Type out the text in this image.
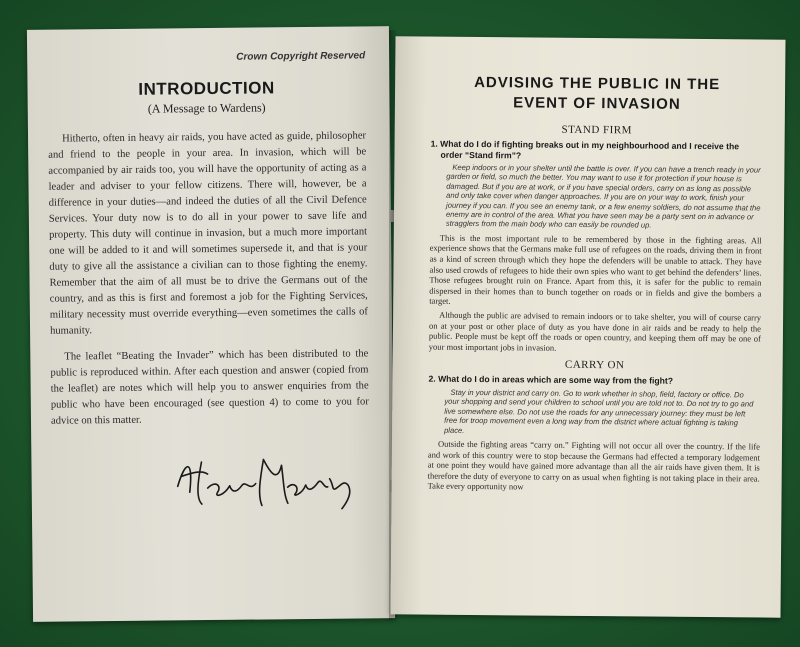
Crown Copyright Reserved
INTRODUCTION
(A Message to Wardens)

Hitherto, often in heavy air raids, you have acted as guide, philosopher and friend to the people in your area. In invasion, which will be accompanied by air raids too, you will have the opportunity of acting as a leader and adviser to your fellow citizens. There will, however, be a difference in your duties—and indeed the duties of all the Civil Defence Services. Your duty now is to do all in your power to save life and property. This duty will continue in invasion, but a much more important one will be added to it and will sometimes supersede it, and that is your duty to give all the assistance a civilian can to those fighting the enemy. Remember that the aim of all must be to drive the Germans out of the country, and as this is first and foremost a job for the Fighting Services, military necessity must override everything—even sometimes the calls of humanity.

The leaflet “Beating the Invader” which has been distributed to the public is reproduced within. After each question and answer (copied from the leaflet) are notes which will help you to answer enquiries from the public who have been encouraged (see question 4) to come to you for advice on this matter.

ADVISING THE PUBLIC IN THE
EVENT OF INVASION
STAND FIRM

1. What do I do if fighting breaks out in my neighbourhood and I receive the order “Stand firm”?

Keep indoors or in your shelter until the battle is over. If you can have a trench ready in your garden or field, so much the better. You may want to use it for protection if your house is damaged. But if you are at work, or if you have special orders, carry on as long as possible and only take cover when danger approaches. If you are on your way to work, finish your journey if you can. If you see an enemy tank, or a few enemy soldiers, do not assume that the enemy are in control of the area. What you have seen may be a party sent on in advance or stragglers from the main body who can easily be rounded up.

This is the most important rule to be remembered by those in the fighting areas. All experience shows that the Germans make full use of refugees on the roads, driving them in front as a kind of screen through which they hope the defenders will be unable to attack. They have also used crowds of refugees to hide their own spies who want to get behind the defenders’ lines. Those refugees brought ruin on France. Apart from this, it is safer for the public to remain dispersed in their homes than to bunch together on roads or in fields and give the bombers a target.

Although the public are advised to remain indoors or to take shelter, you will of course carry on at your post or other place of duty as you have done in air raids and be ready to help the public. People must be kept off the roads or open country, and keeping them off may be one of your most important jobs in invasion.

CARRY ON

2. What do I do in areas which are some way from the fight?

Stay in your district and carry on. Go to work whether in shop, field, factory or office. Do your shopping and send your children to school until you are told not to. Do not try to go and live somewhere else. Do not use the roads for any unnecessary journey: they must be left free for troop movement even a long way from the district where actual fighting is taking place.

Outside the fighting areas “carry on.” Fighting will not occur all over the country. If the life and work of this country were to stop because the Germans had effected a temporary lodgement at one point they would have gained more advantage than all the air raids have given them. It is therefore the duty of everyone to carry on as usual when fighting is not taking place in their area. Take every opportunity now
